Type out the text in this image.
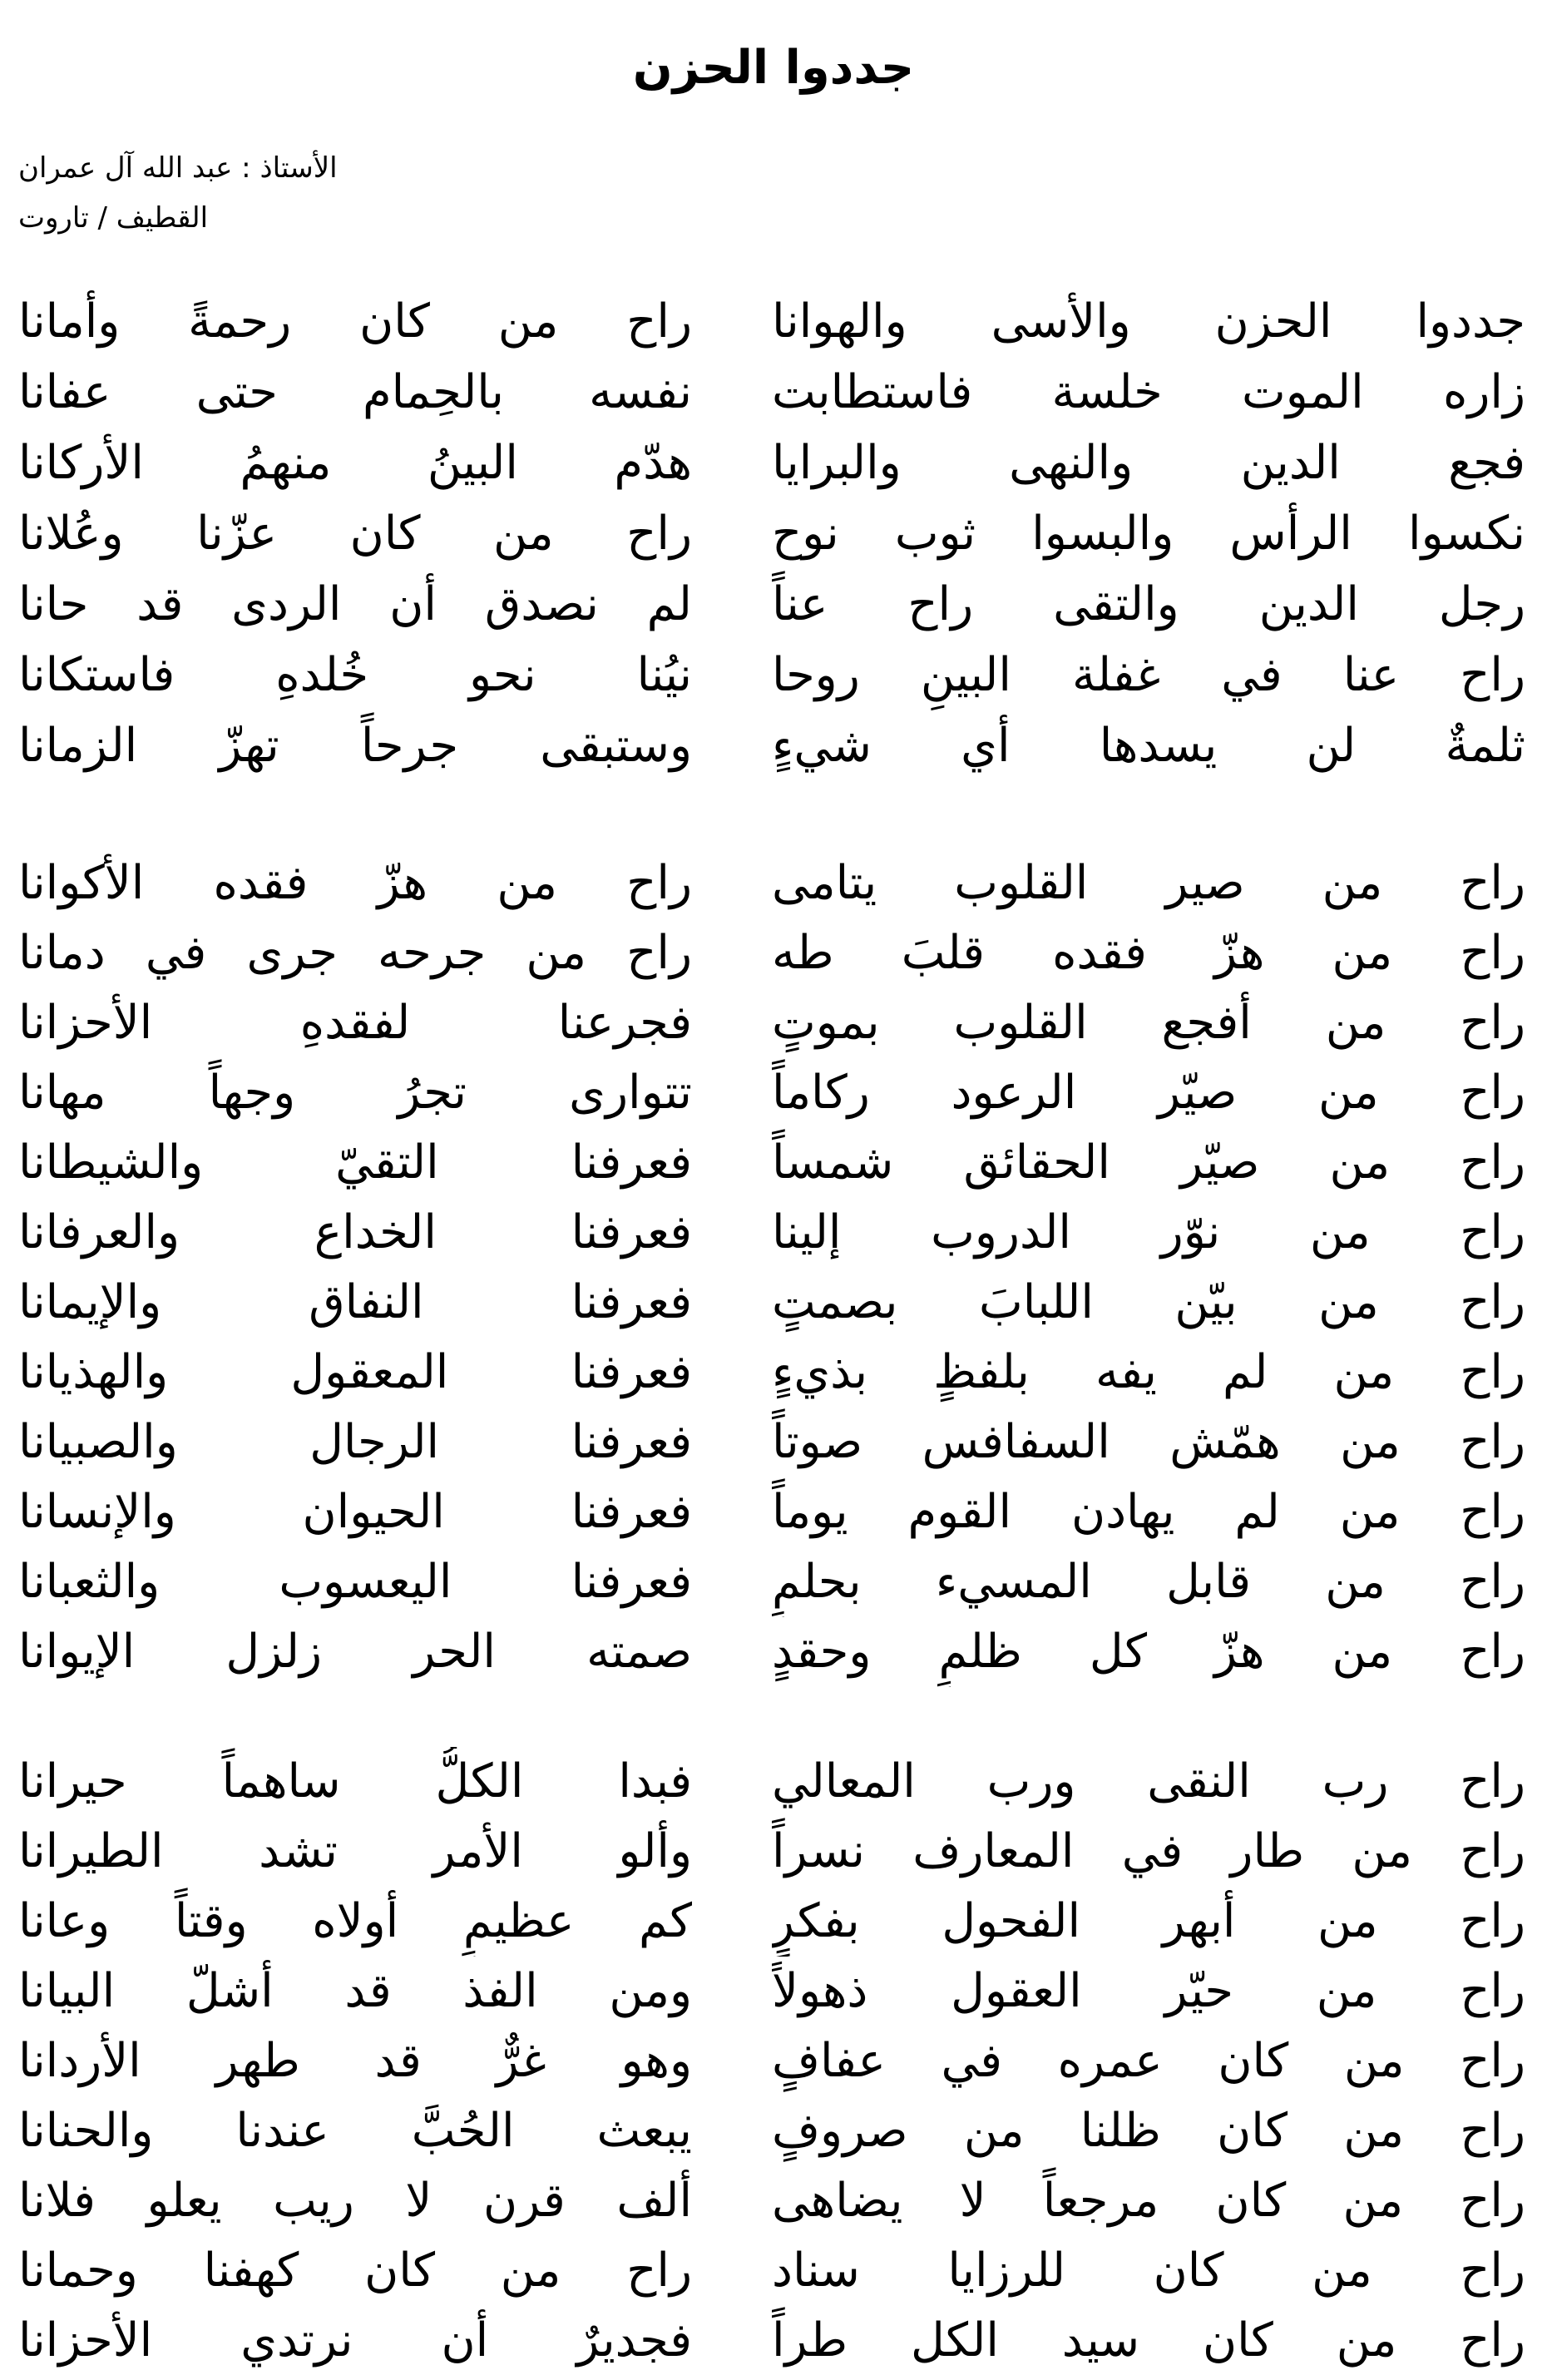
جددوا الحزن
الأستاذ : عبد الله آل عمران
القطيف / تاروت
جددوا الحزن والأسى والهوانا
راح من كان رحمةً وأمانا
زاره الموت خلسة فاستطابت
نفسه بالحِمام حتى عفانا
فجع الدين والنهى والبرايا
هدّم البينُ منهمُ الأركانا
نكسوا الرأس والبسوا ثوب نوح
راح من كان عزّنا وعُلانا
رجل الدين والتقى راح عناً
لم نصدق أن الردى قد حانا
راح عنا في غفلة البينِ روحا
نيُنا نحو خُلدهِ فاستكانا
ثلمةٌ لن يسدها أي شيءٍ
وستبقى جرحاً تهزّ الزمانا
راح من صير القلوب يتامى
راح من هزّ فقده الأكوانا
راح من هزّ فقده قلبَ طه
راح من جرحه جرى في دمانا
راح من أفجع القلوب بموتٍ
فجرعنا لفقدهِ الأحزانا
راح من صيّر الرعود ركاماً
تتوارى تجرُ وجهاً مهانا
راح من صيّر الحقائق شمساً
فعرفنا التقيّ والشيطانا
راح من نوّر الدروب إلينا
فعرفنا الخداع والعرفانا
راح من بيّن اللبابَ بصمتٍ
فعرفنا النفاق والإيمانا
راح من لم يفه بلفظٍ بذيءٍ
فعرفنا المعقول والهذيانا
راح من همّش السفافس صوتاً
فعرفنا الرجال والصبيانا
راح من لم يهادن القوم يوماً
فعرفنا الحيوان والإنسانا
راح من قابل المسيء بحلمٍ
فعرفنا اليعسوب والثعبانا
راح من هزّ كل ظلمٍ وحقدٍ
صمته الحر زلزل الإيوانا
راح رب النقى ورب المعالي
فبدا الكلُّ ساهماً حيرانا
راح من طار في المعارف نسراً
وألو الأمر تشد الطيرانا
راح من أبهر الفحول بفكرٍ
كم عظيمٍ أولاه وقتاً وعانا
راح من حيّر العقول ذهولاً
ومن الفذ قد أشلّ البيانا
راح من كان عمره في عفافٍ
وهو غرٌّ قد طهر الأردانا
راح من كان ظلنا من صروفٍ
يبعث الحُبَّ عندنا والحنانا
راح من كان مرجعاً لا يضاهى
ألف قرن لا ريب يعلو فلانا
راح من كان للرزايا سناد
راح من كان كهفنا وحمانا
راح من كان سيد الكل طراً
فجديرٌ أن نرتدي الأحزانا
